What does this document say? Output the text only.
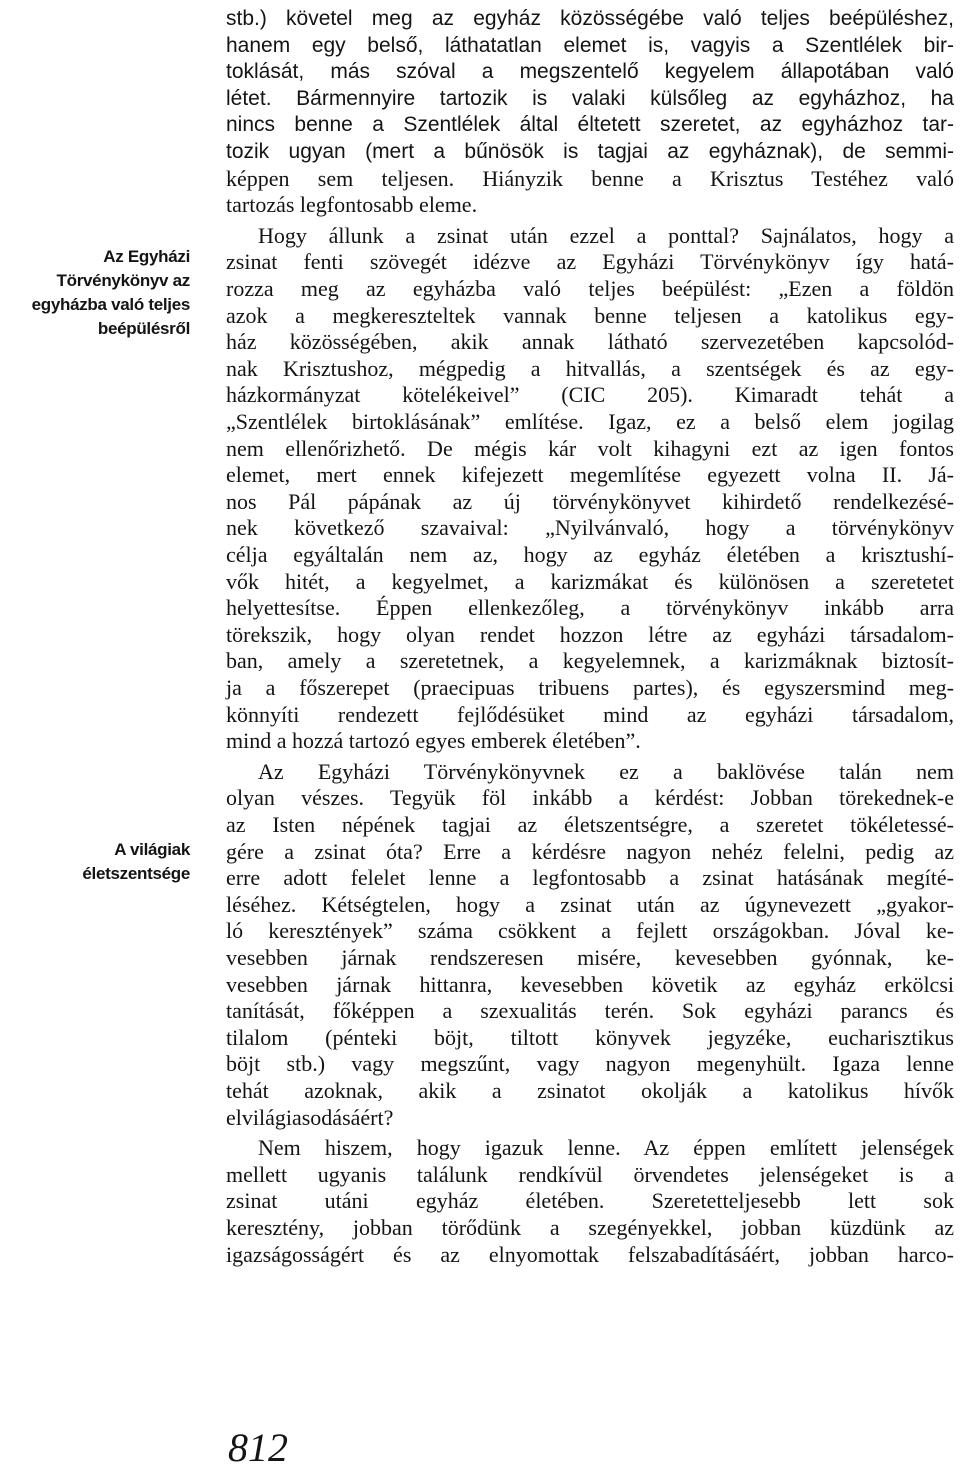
Az Egyházi
Törvénykönyv az
egyházba való teljes
beépülésről
A világiak
életszentsége
stb.) követel meg az egyház közösségébe való teljes beépüléshez,
hanem egy belső, láthatatlan elemet is, vagyis a Szentlélek bir-
toklását, más szóval a megszentelő kegyelem állapotában való
létet. Bármennyire tartozik is valaki külsőleg az egyházhoz, ha
nincs benne a Szentlélek által éltetett szeretet, az egyházhoz tar-
tozik ugyan (mert a bűnösök is tagjai az egyháznak), de semmi-
képpen sem teljesen. Hiányzik benne a Krisztus Testéhez való
tartozás legfontosabb eleme.
Hogy állunk a zsinat után ezzel a ponttal? Sajnálatos, hogy a
zsinat fenti szövegét idézve az Egyházi Törvénykönyv így hatá-
rozza meg az egyházba való teljes beépülést: „Ezen a földön
azok a megkereszteltek vannak benne teljesen a katolikus egy-
ház közösségében, akik annak látható szervezetében kapcsolód-
nak Krisztushoz, mégpedig a hitvallás, a szentségek és az egy-
házkormányzat kötelékeivel” (CIC 205). Kimaradt tehát a
„Szentlélek birtoklásának” említése. Igaz, ez a belső elem jogilag
nem ellenőrizhető. De mégis kár volt kihagyni ezt az igen fontos
elemet, mert ennek kifejezett megemlítése egyezett volna II. Já-
nos Pál pápának az új törvénykönyvet kihirdető rendelkezésé-
nek következő szavaival: „Nyilvánvaló, hogy a törvénykönyv
célja egyáltalán nem az, hogy az egyház életében a krisztushí-
vők hitét, a kegyelmet, a karizmákat és különösen a szeretetet
helyettesítse. Éppen ellenkezőleg, a törvénykönyv inkább arra
törekszik, hogy olyan rendet hozzon létre az egyházi társadalom-
ban, amely a szeretetnek, a kegyelemnek, a karizmáknak biztosít-
ja a főszerepet (praecipuas tribuens partes), és egyszersmind meg-
könnyíti rendezett fejlődésüket mind az egyházi társadalom,
mind a hozzá tartozó egyes emberek életében”.
Az Egyházi Törvénykönyvnek ez a baklövése talán nem
olyan vészes. Tegyük föl inkább a kérdést: Jobban törekednek-e
az Isten népének tagjai az életszentségre, a szeretet tökéletessé-
gére a zsinat óta? Erre a kérdésre nagyon nehéz felelni, pedig az
erre adott felelet lenne a legfontosabb a zsinat hatásának megíté-
léséhez. Kétségtelen, hogy a zsinat után az úgynevezett „gyakor-
ló keresztények” száma csökkent a fejlett országokban. Jóval ke-
vesebben járnak rendszeresen misére, kevesebben gyónnak, ke-
vesebben járnak hittanra, kevesebben követik az egyház erkölcsi
tanítását, főképpen a szexualitás terén. Sok egyházi parancs és
tilalom (pénteki böjt, tiltott könyvek jegyzéke, eucharisztikus
böjt stb.) vagy megszűnt, vagy nagyon megenyhült. Igaza lenne
tehát azoknak, akik a zsinatot okolják a katolikus hívők
elvilágiasodásáért?
Nem hiszem, hogy igazuk lenne. Az éppen említett jelenségek
mellett ugyanis találunk rendkívül örvendetes jelenségeket is a
zsinat utáni egyház életében. Szeretetteljesebb lett sok
keresztény, jobban törődünk a szegényekkel, jobban küzdünk az
igazságosságért és az elnyomottak felszabadításáért, jobban harco-
812
